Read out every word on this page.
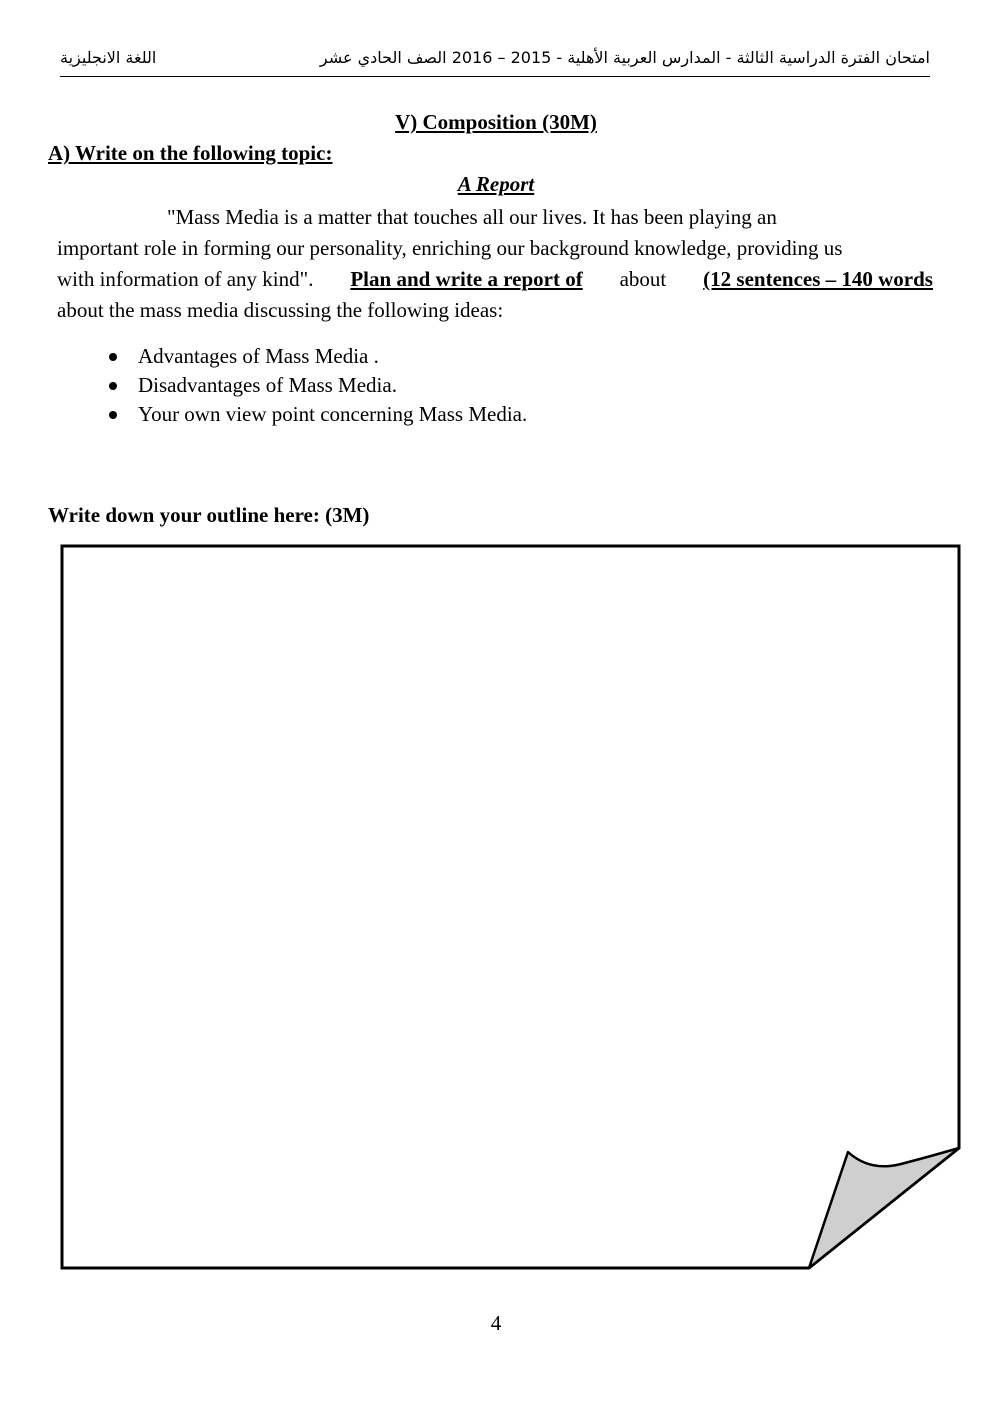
امتحان الفترة الدراسية الثالثة - المدارس العربية الأهلية - 2015 – 2016 الصف الحادي عشر
اللغة الانجليزية
V) Composition (30M)
A) Write on the following topic:
A Report

"Mass Media is a matter that touches all our lives. It has been playing an

important role in forming our personality, enriching our background knowledge, providing us

with information of any kind". Plan and write a report of about (12 sentences – 140 words

about the mass media discussing the following ideas:

Advantages of Mass Media .
Disadvantages of Mass Media.
Your own view point concerning Mass Media.
Write down your outline here: (3M)
4
